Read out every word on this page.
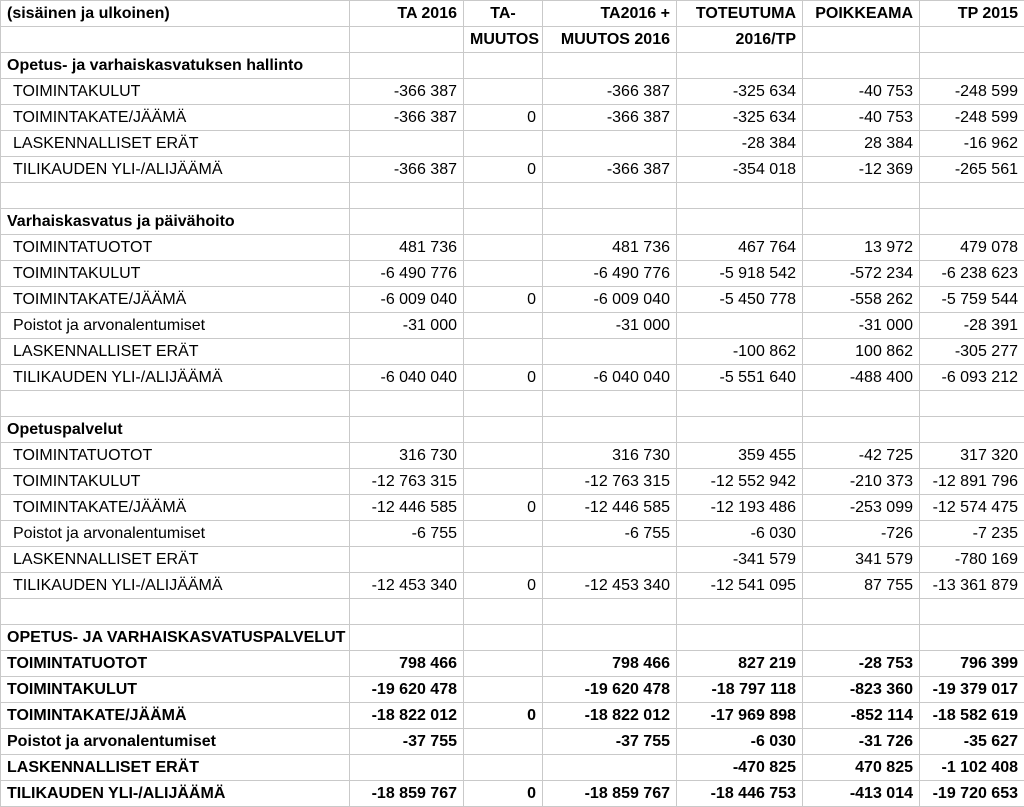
(sisäinen ja ulkoinen)	TA 2016	TA-	TA2016 +	TOTEUTUMA	POIKKEAMA	TP 2015
		MUUTOS	MUUTOS 2016	2016/TP		
Opetus- ja varhaiskasvatuksen hallinto						
TOIMINTAKULUT	-366 387		-366 387	-325 634	-40 753	-248 599
TOIMINTAKATE/JÄÄMÄ	-366 387	0	-366 387	-325 634	-40 753	-248 599
LASKENNALLISET ERÄT				-28 384	28 384	-16 962
TILIKAUDEN YLI-/ALIJÄÄMÄ	-366 387	0	-366 387	-354 018	-12 369	-265 561

Varhaiskasvatus ja päivähoito						
TOIMINTATUOTOT	481 736		481 736	467 764	13 972	479 078
TOIMINTAKULUT	-6 490 776		-6 490 776	-5 918 542	-572 234	-6 238 623
TOIMINTAKATE/JÄÄMÄ	-6 009 040	0	-6 009 040	-5 450 778	-558 262	-5 759 544
Poistot ja arvonalentumiset	-31 000		-31 000		-31 000	-28 391
LASKENNALLISET ERÄT				-100 862	100 862	-305 277
TILIKAUDEN YLI-/ALIJÄÄMÄ	-6 040 040	0	-6 040 040	-5 551 640	-488 400	-6 093 212

Opetuspalvelut						
TOIMINTATUOTOT	316 730		316 730	359 455	-42 725	317 320
TOIMINTAKULUT	-12 763 315		-12 763 315	-12 552 942	-210 373	-12 891 796
TOIMINTAKATE/JÄÄMÄ	-12 446 585	0	-12 446 585	-12 193 486	-253 099	-12 574 475
Poistot ja arvonalentumiset	-6 755		-6 755	-6 030	-726	-7 235
LASKENNALLISET ERÄT				-341 579	341 579	-780 169
TILIKAUDEN YLI-/ALIJÄÄMÄ	-12 453 340	0	-12 453 340	-12 541 095	87 755	-13 361 879

OPETUS- JA VARHAISKASVATUSPALVELUT						
TOIMINTATUOTOT	798 466		798 466	827 219	-28 753	796 399
TOIMINTAKULUT	-19 620 478		-19 620 478	-18 797 118	-823 360	-19 379 017
TOIMINTAKATE/JÄÄMÄ	-18 822 012	0	-18 822 012	-17 969 898	-852 114	-18 582 619
Poistot ja arvonalentumiset	-37 755		-37 755	-6 030	-31 726	-35 627
LASKENNALLISET ERÄT				-470 825	470 825	-1 102 408
TILIKAUDEN YLI-/ALIJÄÄMÄ	-18 859 767	0	-18 859 767	-18 446 753	-413 014	-19 720 653
